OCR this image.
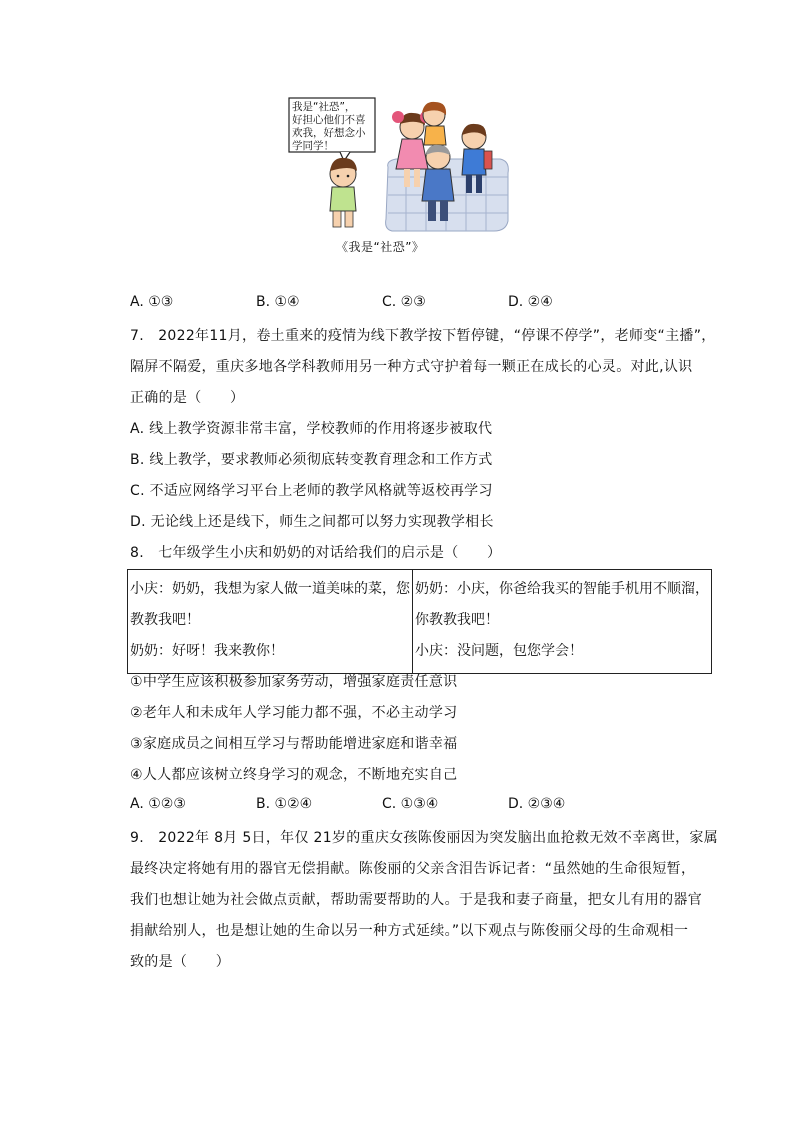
我是“社恐”，
好担心他们不喜
欢我，好想念小
学同学！
《我是“社恐”》
A. ①③	B. ①④	C. ②③	D. ②④
7.   2022年11月，卷土重来的疫情为线下教学按下暂停键，“停课不停学”，老师变“主播”，
隔屏不隔爱，重庆多地各学科教师用另一种方式守护着每一颗正在成长的心灵。对此,认识
正确的是（      ）
A. 线上教学资源非常丰富，学校教师的作用将逐步被取代
B. 线上教学，要求教师必须彻底转变教育理念和工作方式
C. 不适应网络学习平台上老师的教学风格就等返校再学习
D. 无论线上还是线下，师生之间都可以努力实现教学相长
8.   七年级学生小庆和奶奶的对话给我们的启示是（      ）
小庆：奶奶，我想为家人做一道美味的菜，您
教教我吧！
奶奶：好呀！我来教你！

奶奶：小庆，你爸给我买的智能手机用不顺溜，
你教教我吧！
小庆：没问题，包您学会！
①中学生应该积极参加家务劳动，增强家庭责任意识
②老年人和未成年人学习能力都不强，不必主动学习
③家庭成员之间相互学习与帮助能增进家庭和谐幸福
④人人都应该树立终身学习的观念，不断地充实自己
A. ①②③	B. ①②④	C. ①③④	D. ②③④
9.   2022年 8月 5日，年仅 21岁的重庆女孩陈俊丽因为突发脑出血抢救无效不幸离世，家属
最终决定将她有用的器官无偿捐献。陈俊丽的父亲含泪告诉记者：“虽然她的生命很短暂，
我们也想让她为社会做点贡献，帮助需要帮助的人。于是我和妻子商量，把女儿有用的器官
捐献给别人，也是想让她的生命以另一种方式延续。”以下观点与陈俊丽父母的生命观相一
致的是（      ）
